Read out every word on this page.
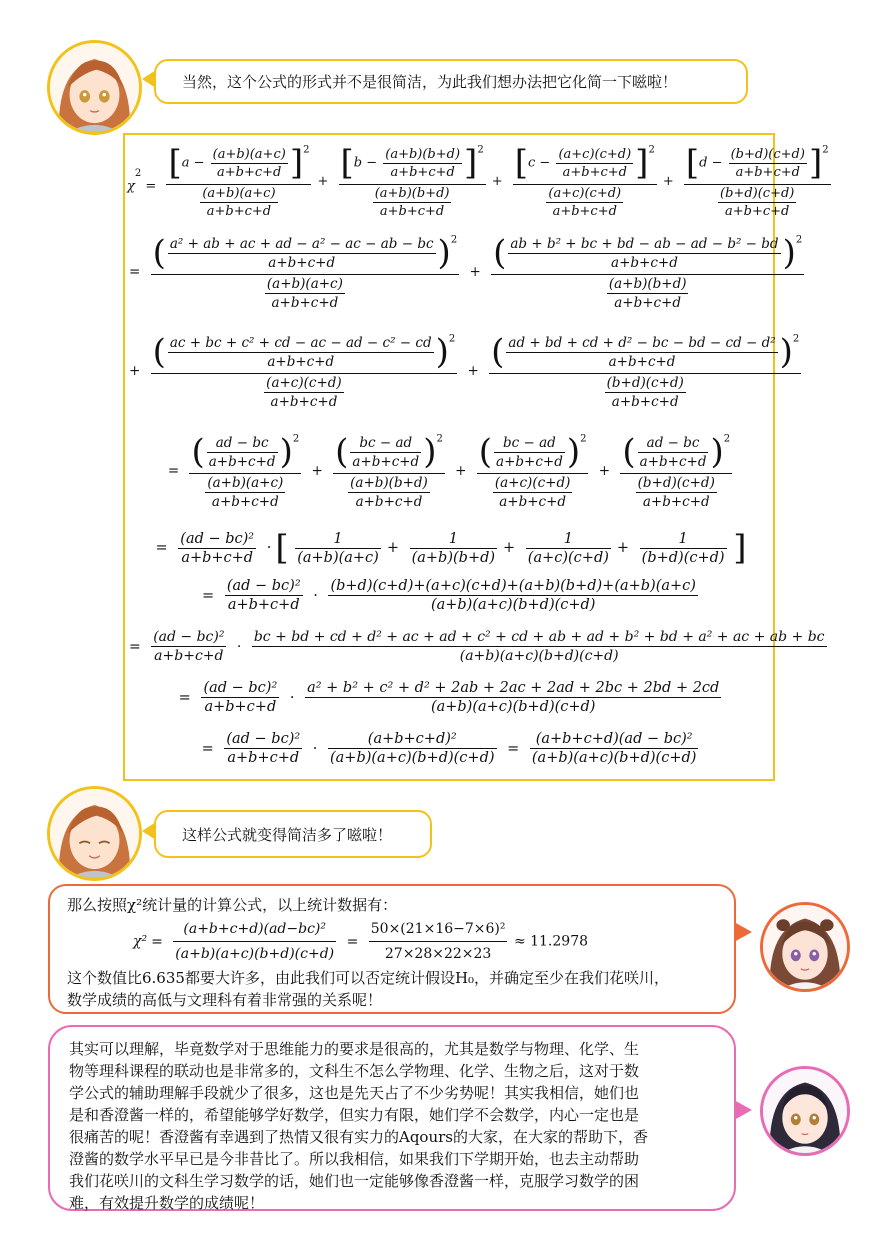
当然，这个公式的形式并不是很简洁，为此我们想办法把它化简一下嗞啦！
$\chi^2 = \frac{[a - \frac{(a+b)(a+c)}{a+b+c+d} ]^2}{\frac{(a+b)(a+c)}{a+b+c+d}} + \frac{[b - \frac{(a+b)(b+d)}{a+b+c+d} ]^2}{\frac{(a+b)(b+d)}{a+b+c+d}} + \frac{[c - \frac{(a+c)(c+d)}{a+b+c+d} ]^2}{\frac{(a+c)(c+d)}{a+b+c+d}} + \frac{[d - \frac{(b+d)(c+d)}{a+b+c+d} ]^2}{\frac{(b+d)(c+d)}{a+b+c+d}}$
= $\frac{( \frac{\text{a² + ab + ac + ad − a² − ac − ab − bc}}{a+b+c+d} )^2}{\frac{(a+b)(a+c)}{a+b+c+d}} + \frac{( \frac{\text{ab + b² + bc + bd − ab − ad − b² − bd}}{a+b+c+d} )^2}{\frac{(a+b)(b+d)}{a+b+c+d}}$
+ $\frac{( \frac{\text{ac + bc + c² + cd − ac − ad − c² − cd}}{a+b+c+d} )^2}{\frac{(a+c)(c+d)}{a+b+c+d}} + \frac{( \frac{\text{ad + bd + cd + d² − bc − bd − cd − d²}}{a+b+c+d} )^2}{\frac{(b+d)(c+d)}{a+b+c+d}}$
= $\frac{( \frac{ad - bc}{a+b+c+d} )^2}{\frac{(a+b)(a+c)}{a+b+c+d}} + \frac{( \frac{bc - ad}{a+b+c+d} )^2}{\frac{(a+b)(b+d)}{a+b+c+d}} + \frac{( \frac{bc - ad}{a+b+c+d} )^2}{\frac{(a+c)(c+d)}{a+b+c+d}} + \frac{( \frac{ad - bc}{a+b+c+d} )^2}{\frac{(b+d)(c+d)}{a+b+c+d}}$
= $\frac{\text{(ad − bc)²}}{a+b+c+d}$ · [ $\frac{1}{(a+b)(a+c)} + \frac{1}{(a+b)(b+d)} + \frac{1}{(a+c)(c+d)} + \frac{1}{(b+d)(c+d)}$ ]
= $\frac{\text{(ad − bc)²}}{a+b+c+d} \cdot \frac{(b+d)(c+d)+(a+c)(c+d)+(a+b)(b+d)+(a+b)(a+c)}{(a+b)(a+c)(b+d)(c+d)}$
= $\frac{\text{(ad − bc)²}}{a+b+c+d}$ ·
bc + bd + cd + d² + ac + ad + c² + cd + ab + ad + b² + bd + a² + ac + ab + bc
(a+b)(a+c)(b+d)(c+d)
= $\frac{\text{(ad − bc)²}}{a+b+c+d} \cdot \frac{\text{a² + b² + c² + d² + 2ab + 2ac + 2ad + 2bc + 2bd + 2cd}}{(a+b)(a+c)(b+d)(c+d)}$
= $\frac{\text{(ad − bc)²}}{a+b+c+d} \cdot \frac{\text{(a+b+c+d)²}}{(a+b)(a+c)(b+d)(c+d)} = \frac{\text{(a+b+c+d)(ad − bc)²}}{(a+b)(a+c)(b+d)(c+d)}$
这样公式就变得简洁多了嗞啦！
那么按照χ²统计量的计算公式，以上统计数据有：
$\chi^2 = \frac{\text{(a+b+c+d)(ad−bc)²}}{(a+b)(a+c)(b+d)(c+d)} = \frac{\text{50×(21×16−7×6)²}}{27\times 28\times 22\times 23} \approx 11.2978$
这个数值比6.635都要大许多，由此我们可以否定统计假设H₀，并确定至少在我们花咲川，
数学成绩的高低与文理科有着非常强的关系呢！
其实可以理解，毕竟数学对于思维能力的要求是很高的，尤其是数学与物理、化学、生
物等理科课程的联动也是非常多的，文科生不怎么学物理、化学、生物之后，这对于数
学公式的辅助理解手段就少了很多，这也是先天占了不少劣势呢！其实我相信，她们也
是和香澄酱一样的，希望能够学好数学，但实力有限，她们学不会数学，内心一定也是
很痛苦的呢！香澄酱有幸遇到了热情又很有实力的Aqours的大家，在大家的帮助下，香
澄酱的数学水平早已是今非昔比了。所以我相信，如果我们下学期开始，也去主动帮助
我们花咲川的文科生学习数学的话，她们也一定能够像香澄酱一样，克服学习数学的困
难，有效提升数学的成绩呢！
